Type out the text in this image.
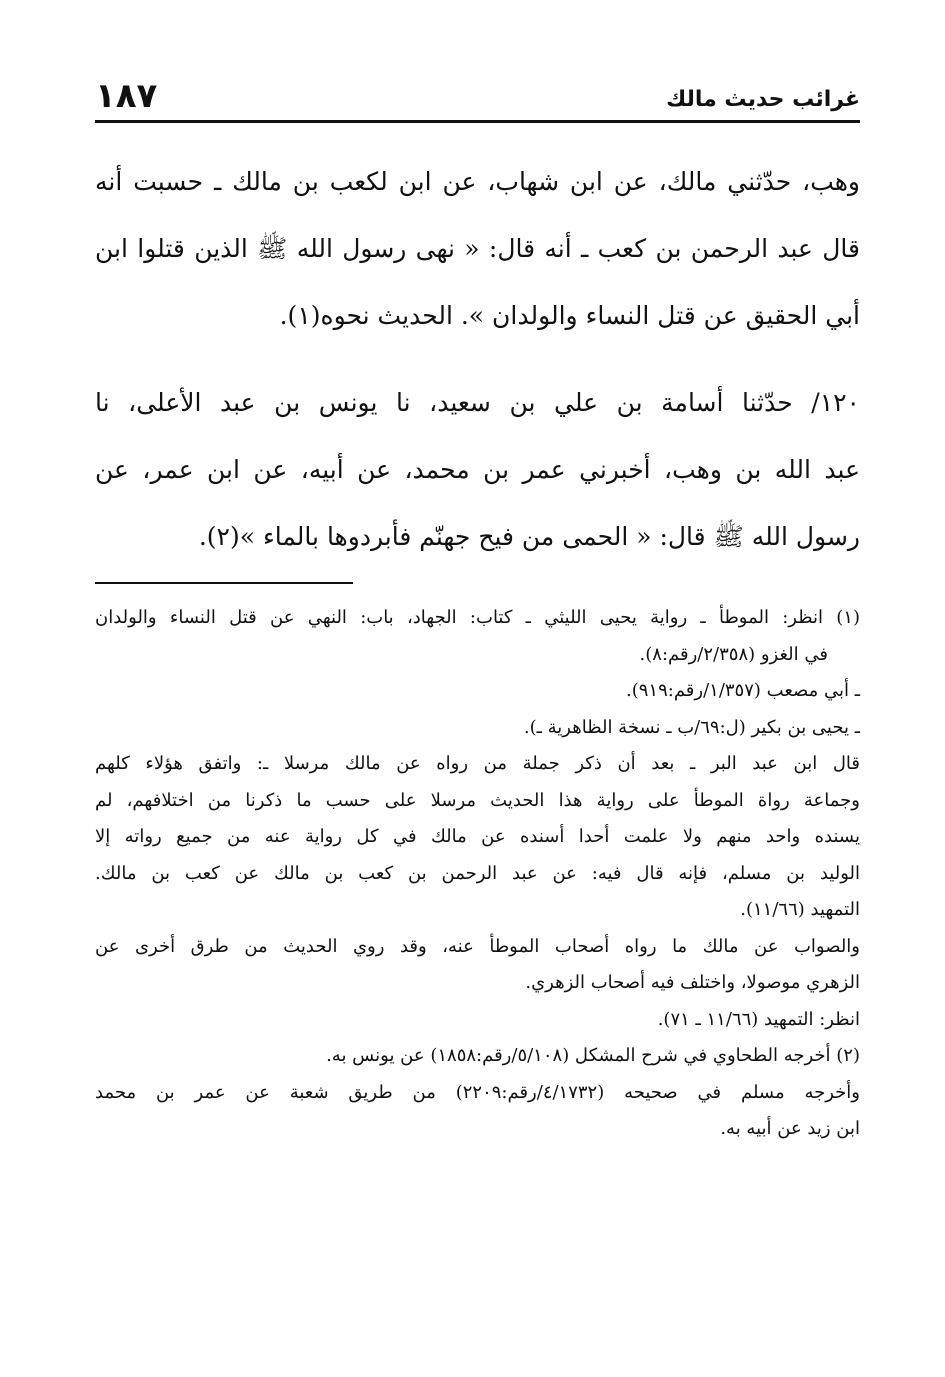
غرائب حديث مالك
١٨٧
وهب، حدّثني مالك، عن ابن شهاب، عن ابن لكعب بن مالك ـ حسبت أنه
قال عبد الرحمن بن كعب ـ أنه قال: « نهى رسول الله ﷺ الذين قتلوا ابن
أبي الحقيق عن قتل النساء والولدان ». الحديث نحوه(١).
١٢٠/ حدّثنا أسامة بن علي بن سعيد، نا يونس بن عبد الأعلى، نا
عبد الله بن وهب، أخبرني عمر بن محمد، عن أبيه، عن ابن عمر، عن
رسول الله ﷺ قال: « الحمى من فيح جهنّم فأبردوها بالماء »(٢).
(١) انظر: الموطأ ـ رواية يحيى الليثي ـ كتاب: الجهاد، باب: النهي عن قتل النساء والولدان
في الغزو (٢/٣٥٨/رقم:٨).
ـ أبي مصعب (١/٣٥٧/رقم:٩١٩).
ـ يحيى بن بكير (ل:٦٩/ب ـ نسخة الظاهرية ـ).
قال ابن عبد البر ـ بعد أن ذكر جملة من رواه عن مالك مرسلا ـ: واتفق هؤلاء كلهم
وجماعة رواة الموطأ على رواية هذا الحديث مرسلا على حسب ما ذكرنا من اختلافهم، لم
يسنده واحد منهم ولا علمت أحدا أسنده عن مالك في كل رواية عنه من جميع رواته إلا
الوليد بن مسلم، فإنه قال فيه: عن عبد الرحمن بن كعب بن مالك عن كعب بن مالك.
التمهيد (١١/٦٦).
والصواب عن مالك ما رواه أصحاب الموطأ عنه، وقد روي الحديث من طرق أخرى عن
الزهري موصولا، واختلف فيه أصحاب الزهري.
انظر: التمهيد (١١/٦٦ ـ ٧١).
(٢) أخرجه الطحاوي في شرح المشكل (٥/١٠٨/رقم:١٨٥٨) عن يونس به.
وأخرجه مسلم في صحيحه (٤/١٧٣٢/رقم:٢٢٠٩) من طريق شعبة عن عمر بن محمد
ابن زيد عن أبيه به.
